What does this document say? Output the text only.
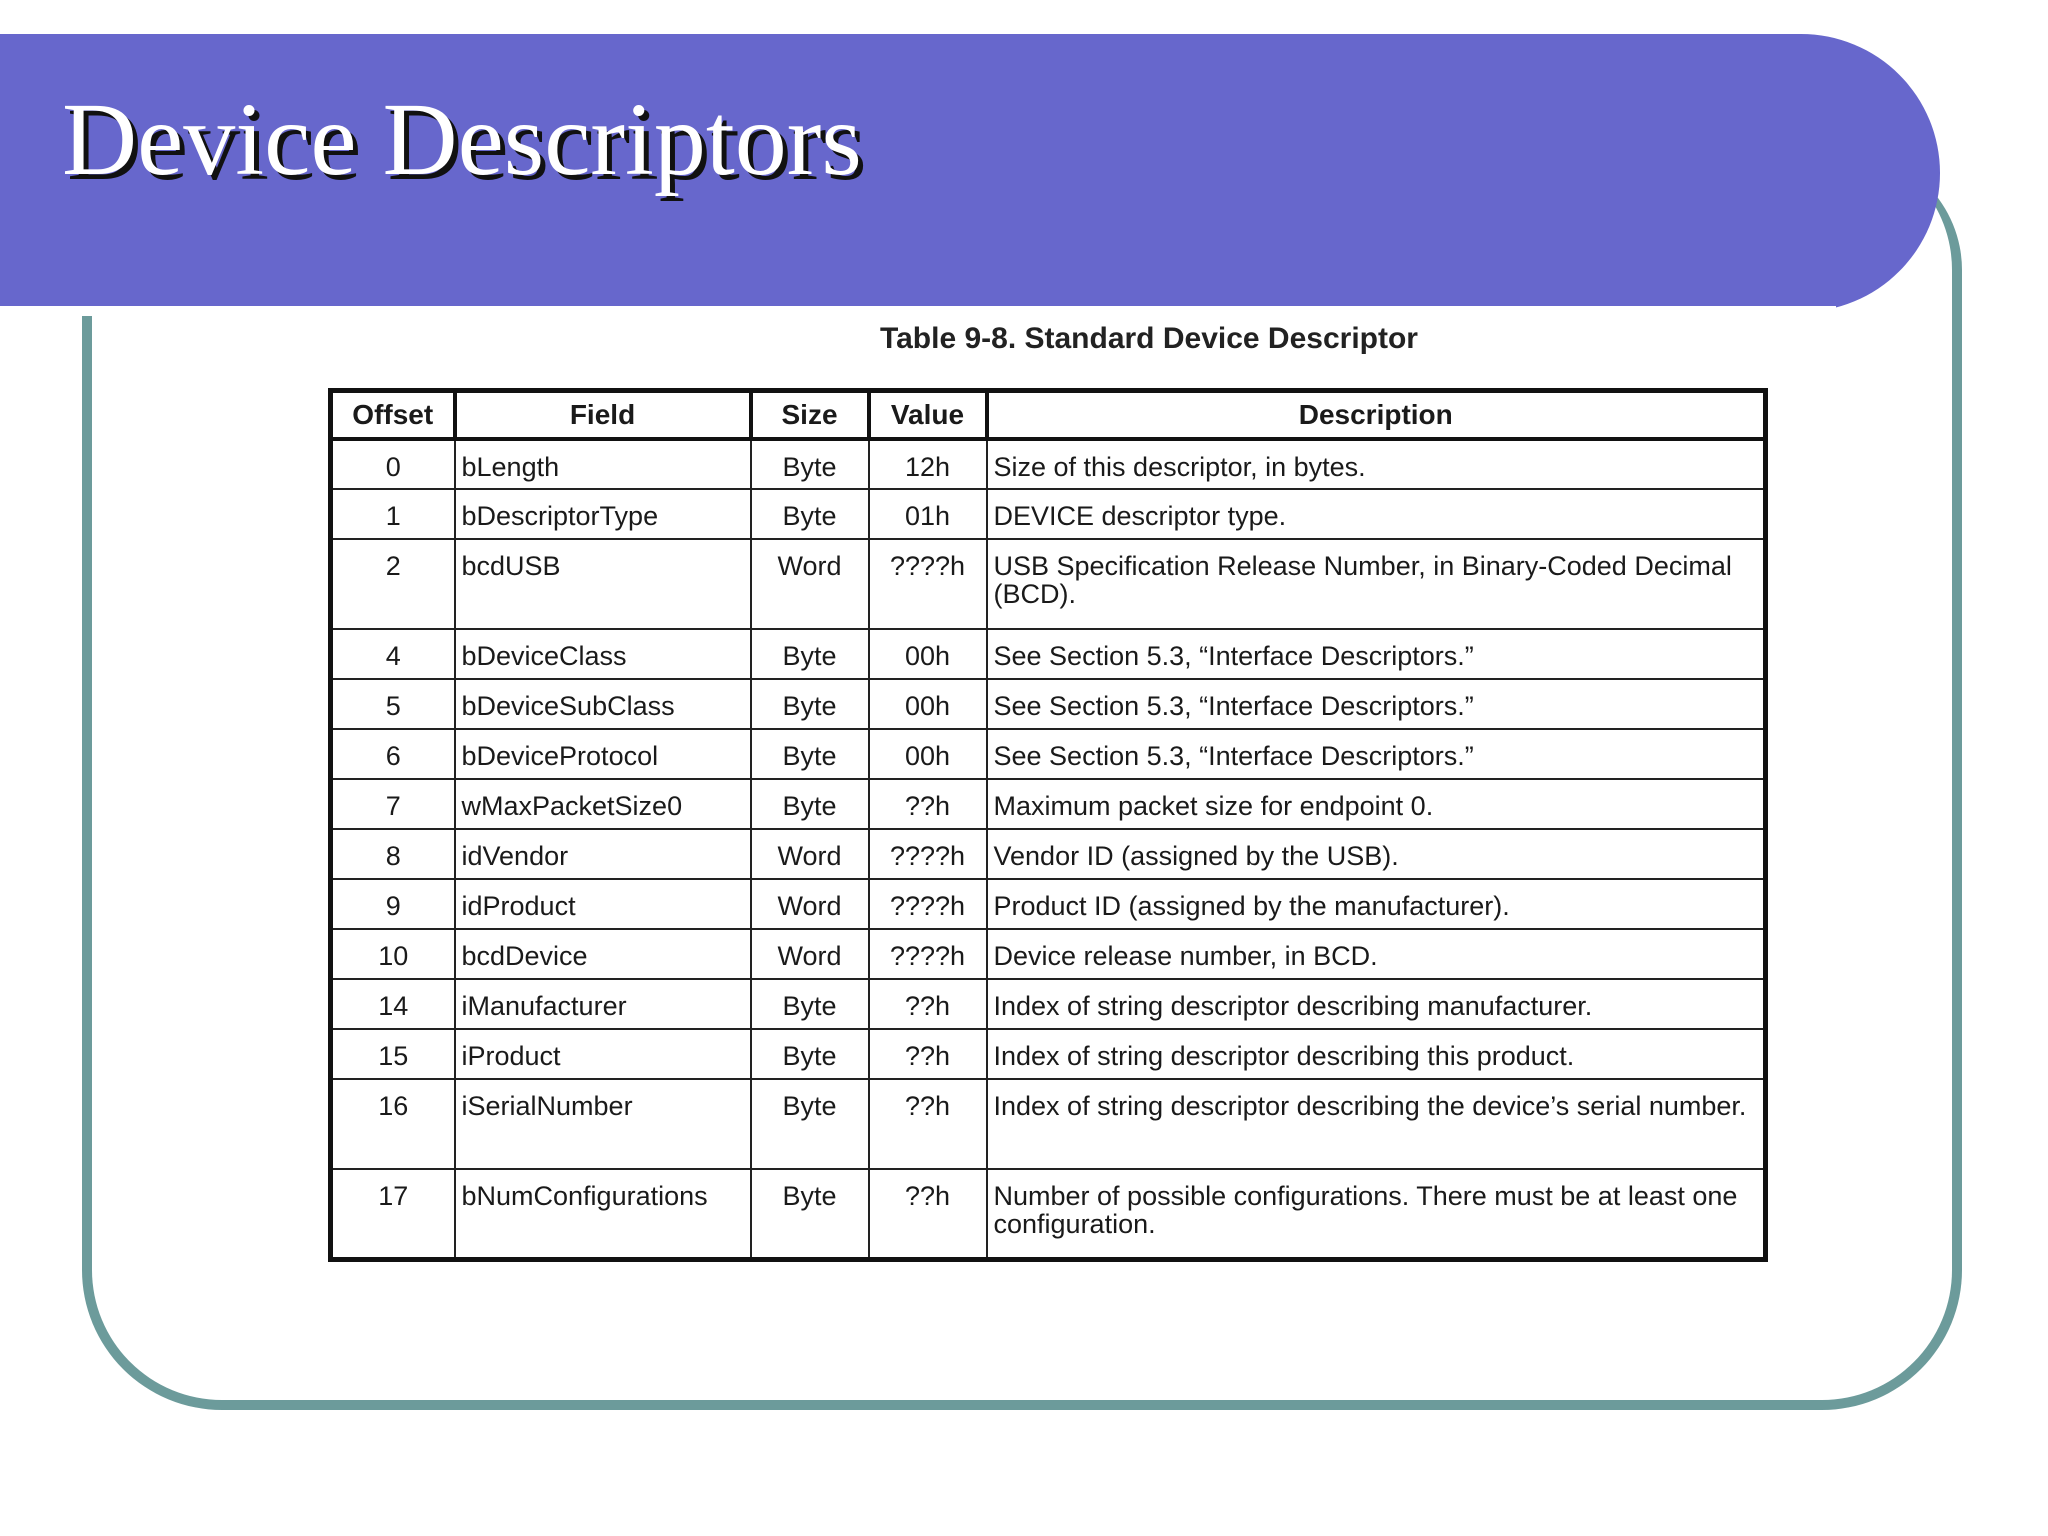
Device Descriptors
Table 9-8. Standard Device Descriptor
Offset	Field	Size	Value	Description
0	bLength	Byte	12h	Size of this descriptor, in bytes.
1	bDescriptorType	Byte	01h	DEVICE descriptor type.
2	bcdUSB	Word	????h	USB Specification Release Number, in Binary-Coded Decimal (BCD).
4	bDeviceClass	Byte	00h	See Section 5.3, “Interface Descriptors.”
5	bDeviceSubClass	Byte	00h	See Section 5.3, “Interface Descriptors.”
6	bDeviceProtocol	Byte	00h	See Section 5.3, “Interface Descriptors.”
7	wMaxPacketSize0	Byte	??h	Maximum packet size for endpoint 0.
8	idVendor	Word	????h	Vendor ID (assigned by the USB).
9	idProduct	Word	????h	Product ID (assigned by the manufacturer).
10	bcdDevice	Word	????h	Device release number, in BCD.
14	iManufacturer	Byte	??h	Index of string descriptor describing manufacturer.
15	iProduct	Byte	??h	Index of string descriptor describing this product.
16	iSerialNumber	Byte	??h	Index of string descriptor describing the device’s serial number.
17	bNumConfigurations	Byte	??h	Number of possible configurations. There must be at least one configuration.
